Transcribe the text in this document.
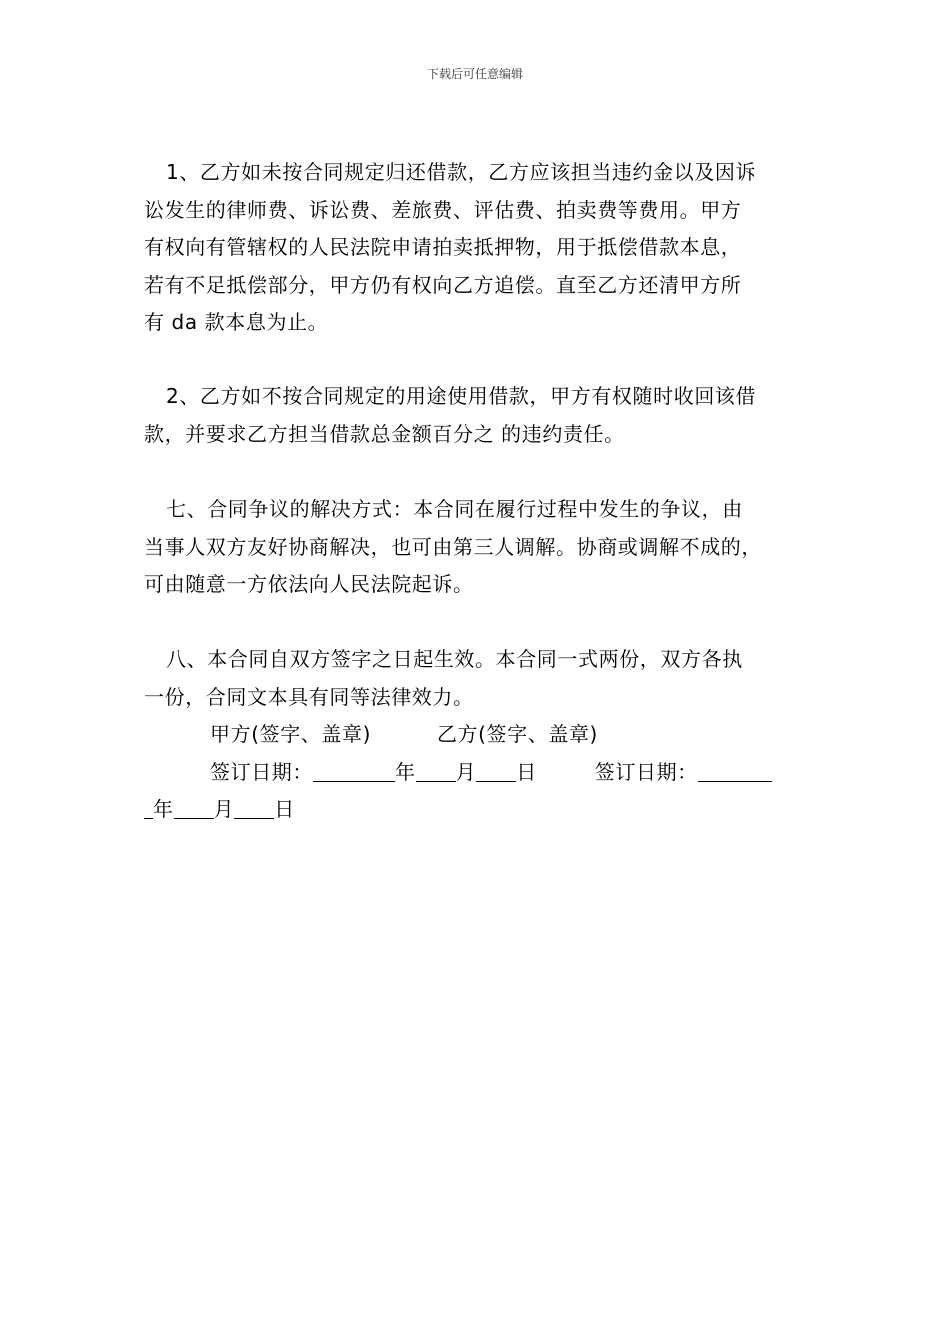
下载后可任意编辑
1、乙方如未按合同规定归还借款，乙方应该担当违约金以及因诉
讼发生的律师费、诉讼费、差旅费、评估费、拍卖费等费用。甲方
有权向有管辖权的人民法院申请拍卖抵押物，用于抵偿借款本息，
若有不足抵偿部分，甲方仍有权向乙方追偿。直至乙方还清甲方所
有 da 款本息为止。
2、乙方如不按合同规定的用途使用借款，甲方有权随时收回该借
款，并要求乙方担当借款总金额百分之 的违约责任。
七、合同争议的解决方式：本合同在履行过程中发生的争议，由
当事人双方友好协商解决，也可由第三人调解。协商或调解不成的，
可由随意一方依法向人民法院起诉。
八、本合同自双方签字之日起生效。本合同一式两份，双方各执
一份，合同文本具有同等法律效力。
甲方(签字、盖章)	乙方(签字、盖章)
签订日期：	年 月 日	签订日期：
年 月 日
